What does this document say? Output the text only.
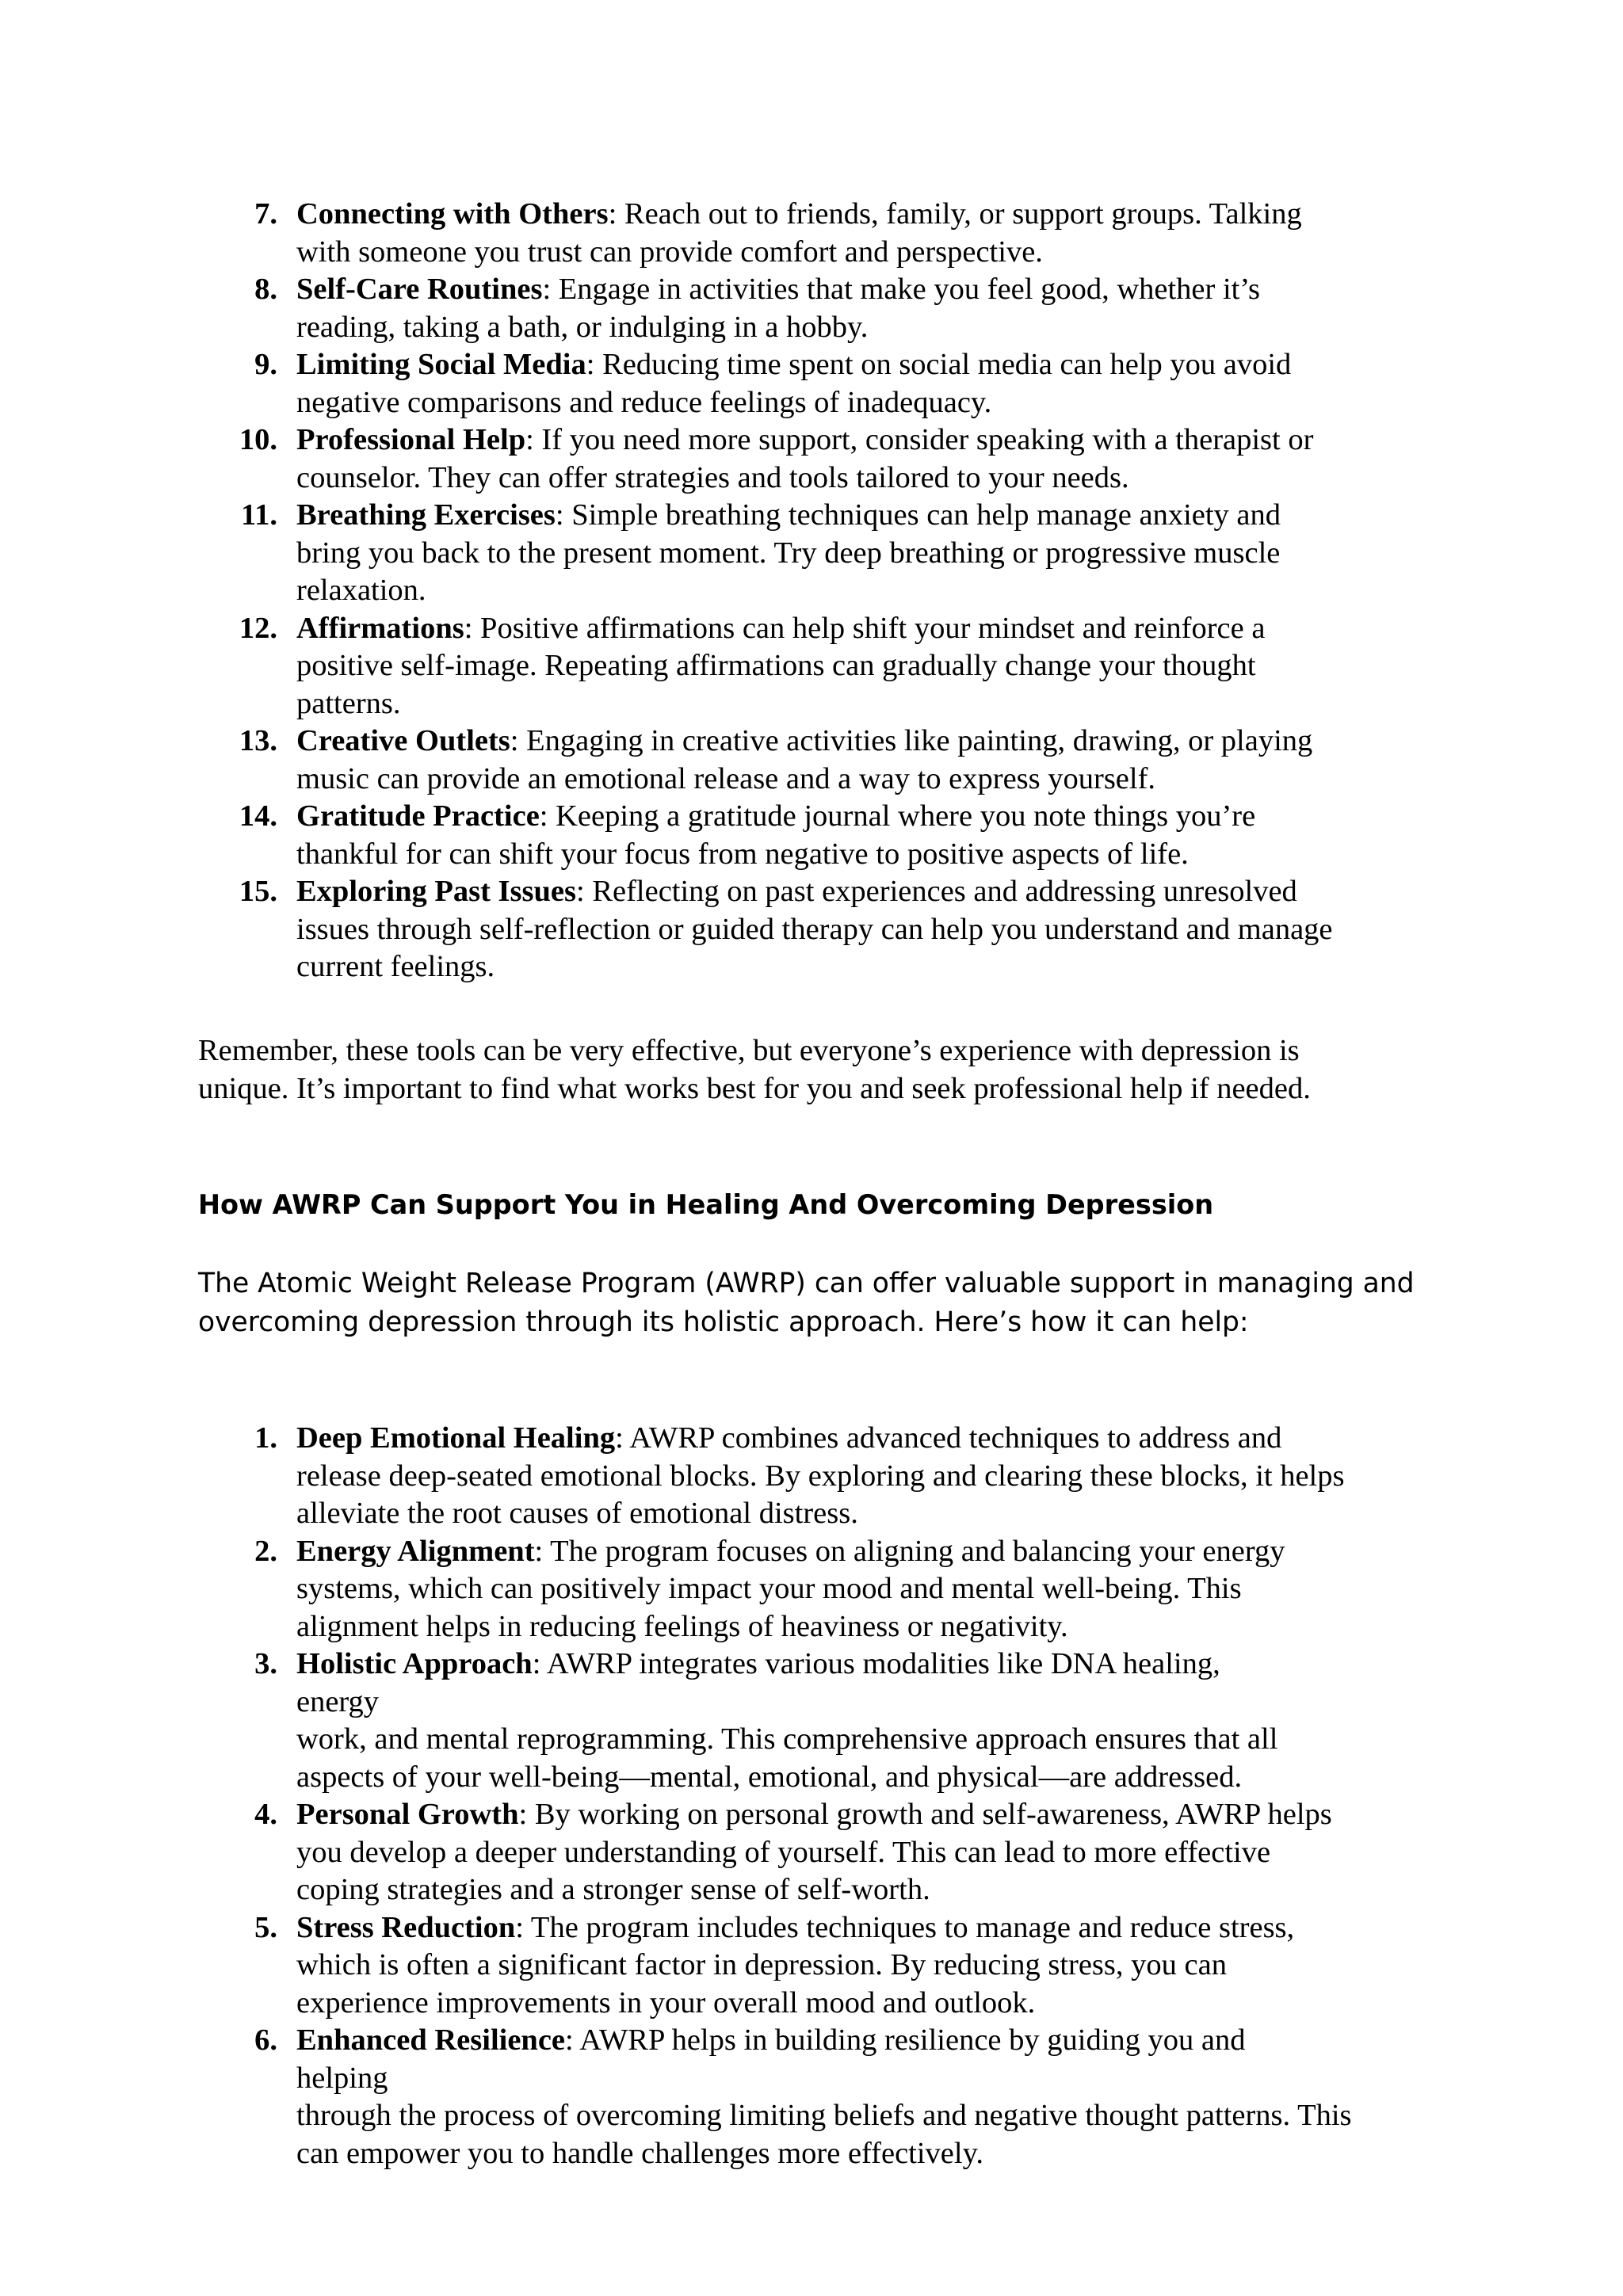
7. Connecting with Others: Reach out to friends, family, or support groups. Talking
with someone you trust can provide comfort and perspective.
8. Self-Care Routines: Engage in activities that make you feel good, whether it’s
reading, taking a bath, or indulging in a hobby.
9. Limiting Social Media: Reducing time spent on social media can help you avoid
negative comparisons and reduce feelings of inadequacy.
10. Professional Help: If you need more support, consider speaking with a therapist or
counselor. They can offer strategies and tools tailored to your needs.
11. Breathing Exercises: Simple breathing techniques can help manage anxiety and
bring you back to the present moment. Try deep breathing or progressive muscle
relaxation.
12. Affirmations: Positive affirmations can help shift your mindset and reinforce a
positive self-image. Repeating affirmations can gradually change your thought
patterns.
13. Creative Outlets: Engaging in creative activities like painting, drawing, or playing
music can provide an emotional release and a way to express yourself.
14. Gratitude Practice: Keeping a gratitude journal where you note things you’re
thankful for can shift your focus from negative to positive aspects of life.
15. Exploring Past Issues: Reflecting on past experiences and addressing unresolved
issues through self-reflection or guided therapy can help you understand and manage
current feelings.

Remember, these tools can be very effective, but everyone’s experience with depression is
unique. It’s important to find what works best for you and seek professional help if needed.

How AWRP Can Support You in Healing And Overcoming Depression

The Atomic Weight Release Program (AWRP) can offer valuable support in managing and
overcoming depression through its holistic approach. Here’s how it can help:

1. Deep Emotional Healing: AWRP combines advanced techniques to address and
release deep-seated emotional blocks. By exploring and clearing these blocks, it helps
alleviate the root causes of emotional distress.
2. Energy Alignment: The program focuses on aligning and balancing your energy
systems, which can positively impact your mood and mental well-being. This
alignment helps in reducing feelings of heaviness or negativity.
3. Holistic Approach: AWRP integrates various modalities like DNA healing,
energy
work, and mental reprogramming. This comprehensive approach ensures that all
aspects of your well-being—mental, emotional, and physical—are addressed.
4. Personal Growth: By working on personal growth and self-awareness, AWRP helps
you develop a deeper understanding of yourself. This can lead to more effective
coping strategies and a stronger sense of self-worth.
5. Stress Reduction: The program includes techniques to manage and reduce stress,
which is often a significant factor in depression. By reducing stress, you can
experience improvements in your overall mood and outlook.
6. Enhanced Resilience: AWRP helps in building resilience by guiding you and
helping
through the process of overcoming limiting beliefs and negative thought patterns. This
can empower you to handle challenges more effectively.
